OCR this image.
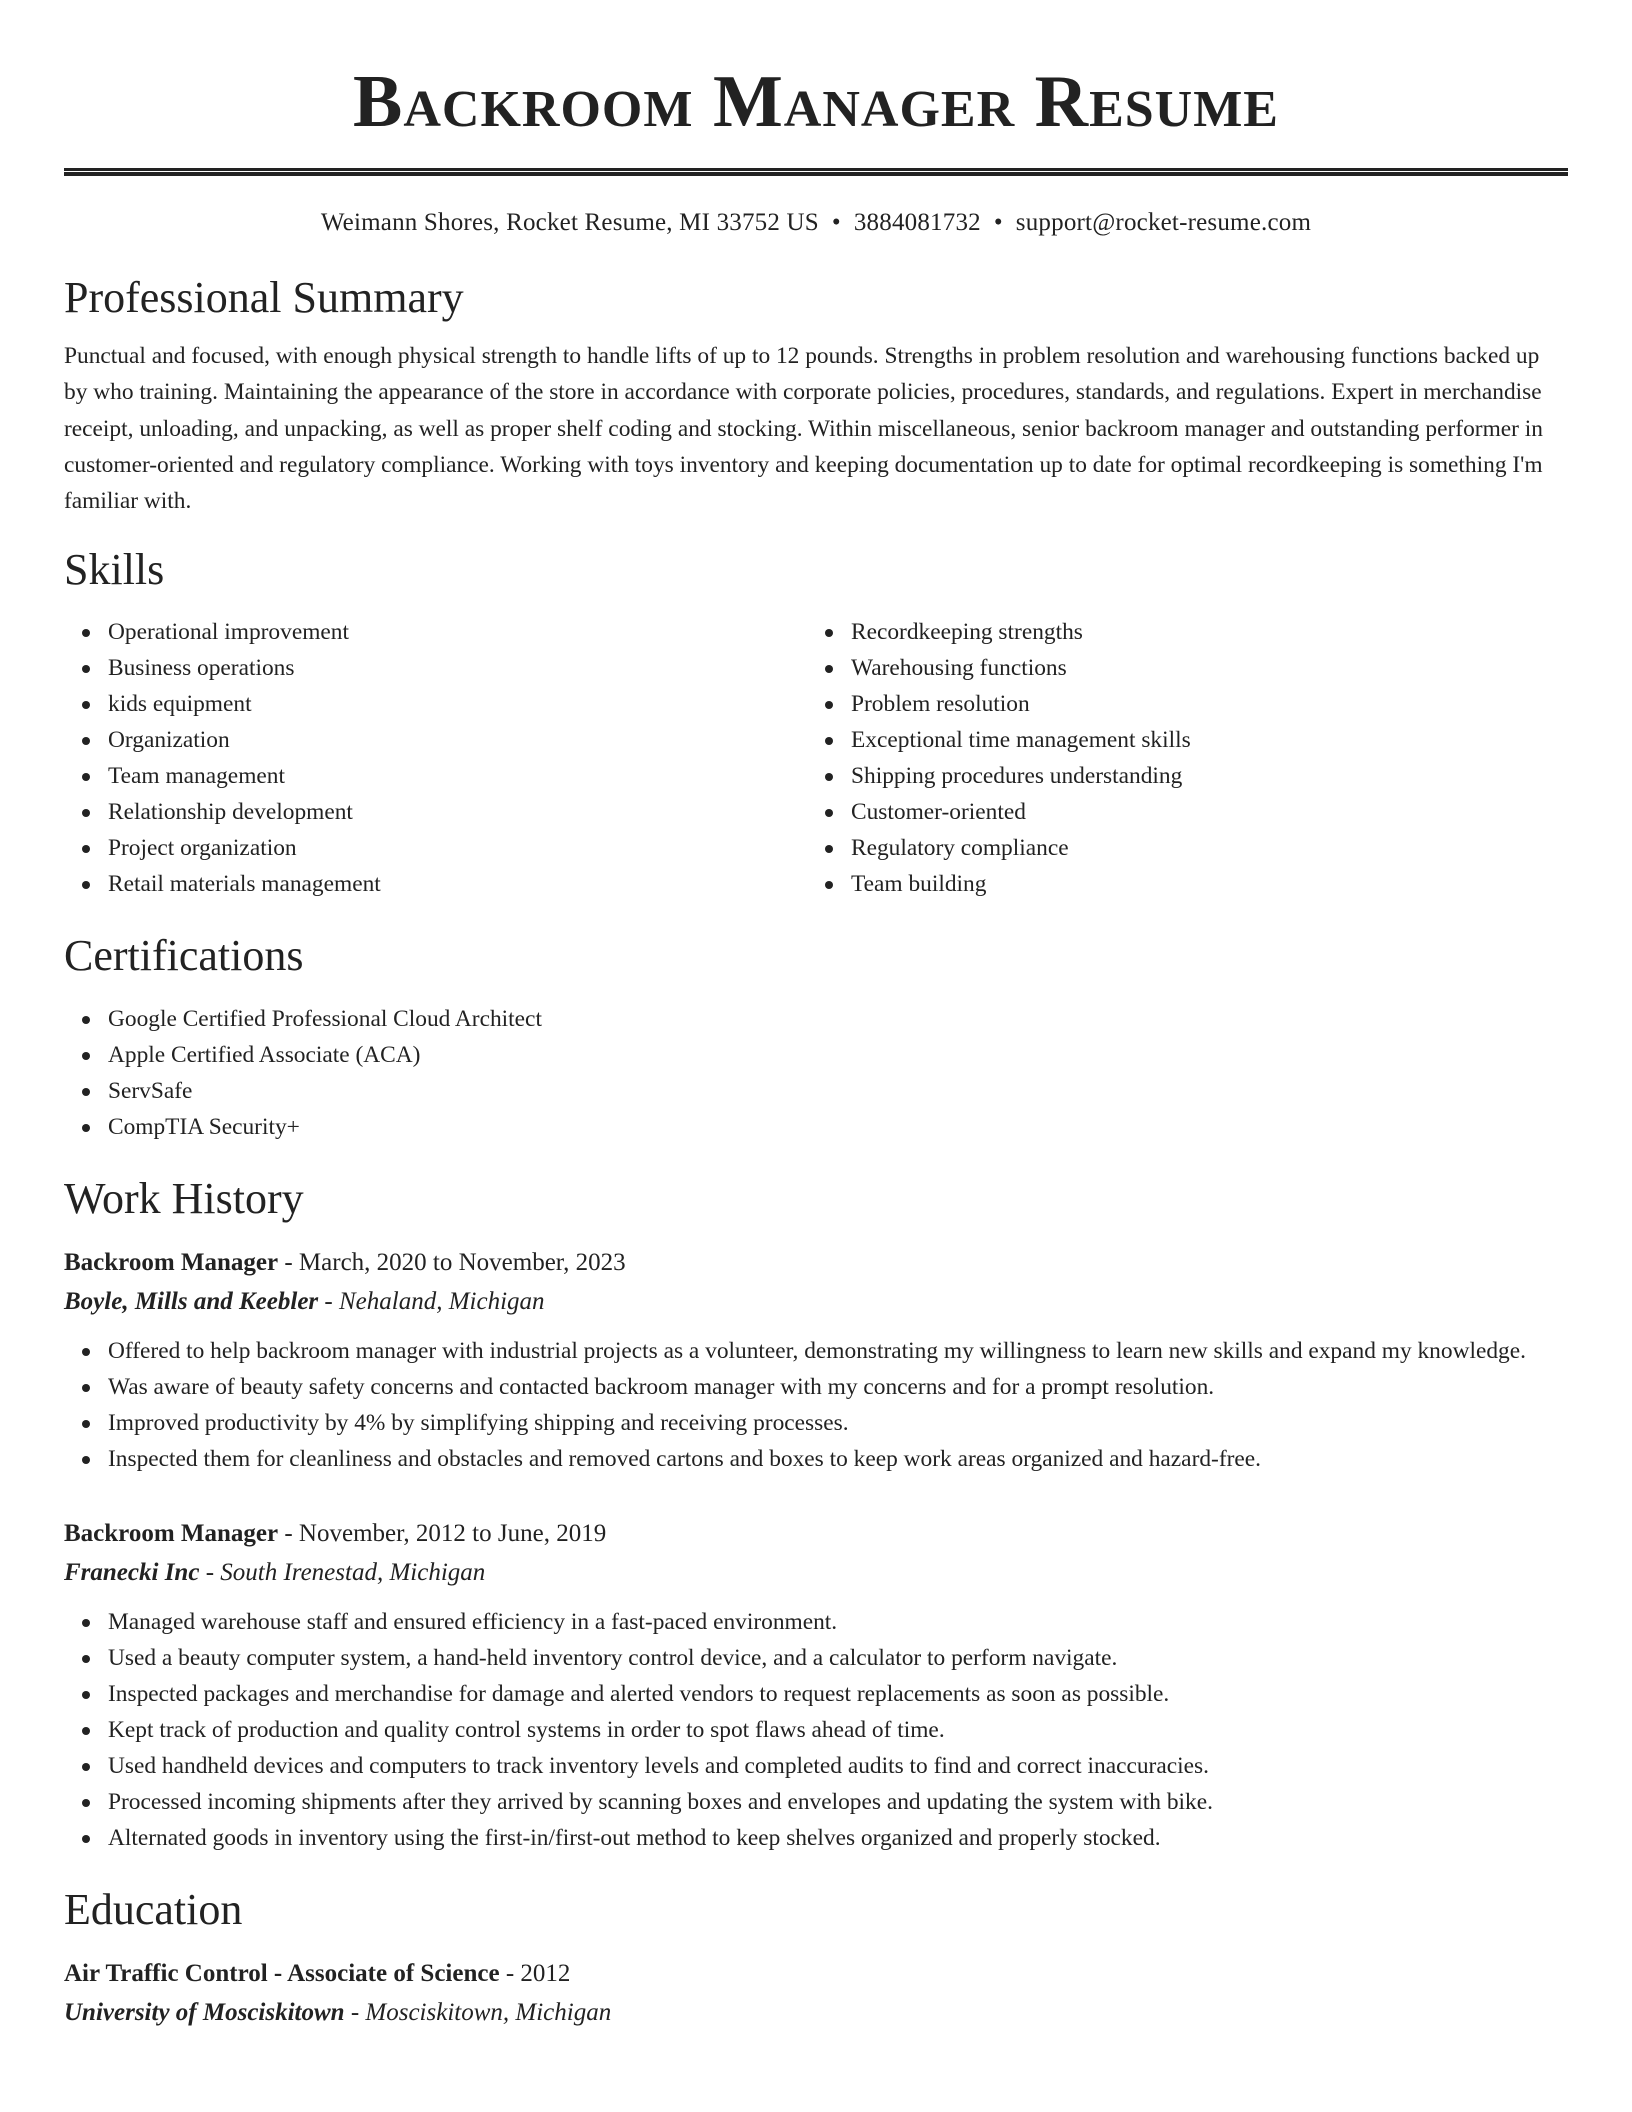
Backroom Manager Resume
Weimann Shores, Rocket Resume, MI 33752 US • 3884081732 • support@rocket-resume.com
Professional Summary

Punctual and focused, with enough physical strength to handle lifts of up to 12 pounds. Strengths in problem resolution and warehousing functions backed up by who training. Maintaining the appearance of the store in accordance with corporate policies, procedures, standards, and regulations. Expert in merchandise receipt, unloading, and unpacking, as well as proper shelf coding and stocking. Within miscellaneous, senior backroom manager and outstanding performer in customer-oriented and regulatory compliance. Working with toys inventory and keeping documentation up to date for optimal recordkeeping is something I'm familiar with.

Skills
Operational improvement
Business operations
kids equipment
Organization
Team management
Relationship development
Project organization
Retail materials management
Recordkeeping strengths
Warehousing functions
Problem resolution
Exceptional time management skills
Shipping procedures understanding
Customer-oriented
Regulatory compliance
Team building
Certifications
Google Certified Professional Cloud Architect
Apple Certified Associate (ACA)
ServSafe
CompTIA Security+
Work History
Backroom Manager - March, 2020 to November, 2023
Boyle, Mills and Keebler - Nehaland, Michigan
Offered to help backroom manager with industrial projects as a volunteer, demonstrating my willingness to learn new skills and expand my knowledge.
Was aware of beauty safety concerns and contacted backroom manager with my concerns and for a prompt resolution.
Improved productivity by 4% by simplifying shipping and receiving processes.
Inspected them for cleanliness and obstacles and removed cartons and boxes to keep work areas organized and hazard-free.
Backroom Manager - November, 2012 to June, 2019
Franecki Inc - South Irenestad, Michigan
Managed warehouse staff and ensured efficiency in a fast-paced environment.
Used a beauty computer system, a hand-held inventory control device, and a calculator to perform navigate.
Inspected packages and merchandise for damage and alerted vendors to request replacements as soon as possible.
Kept track of production and quality control systems in order to spot flaws ahead of time.
Used handheld devices and computers to track inventory levels and completed audits to find and correct inaccuracies.
Processed incoming shipments after they arrived by scanning boxes and envelopes and updating the system with bike.
Alternated goods in inventory using the first-in/first-out method to keep shelves organized and properly stocked.
Education
Air Traffic Control - Associate of Science - 2012
University of Mosciskitown - Mosciskitown, Michigan
